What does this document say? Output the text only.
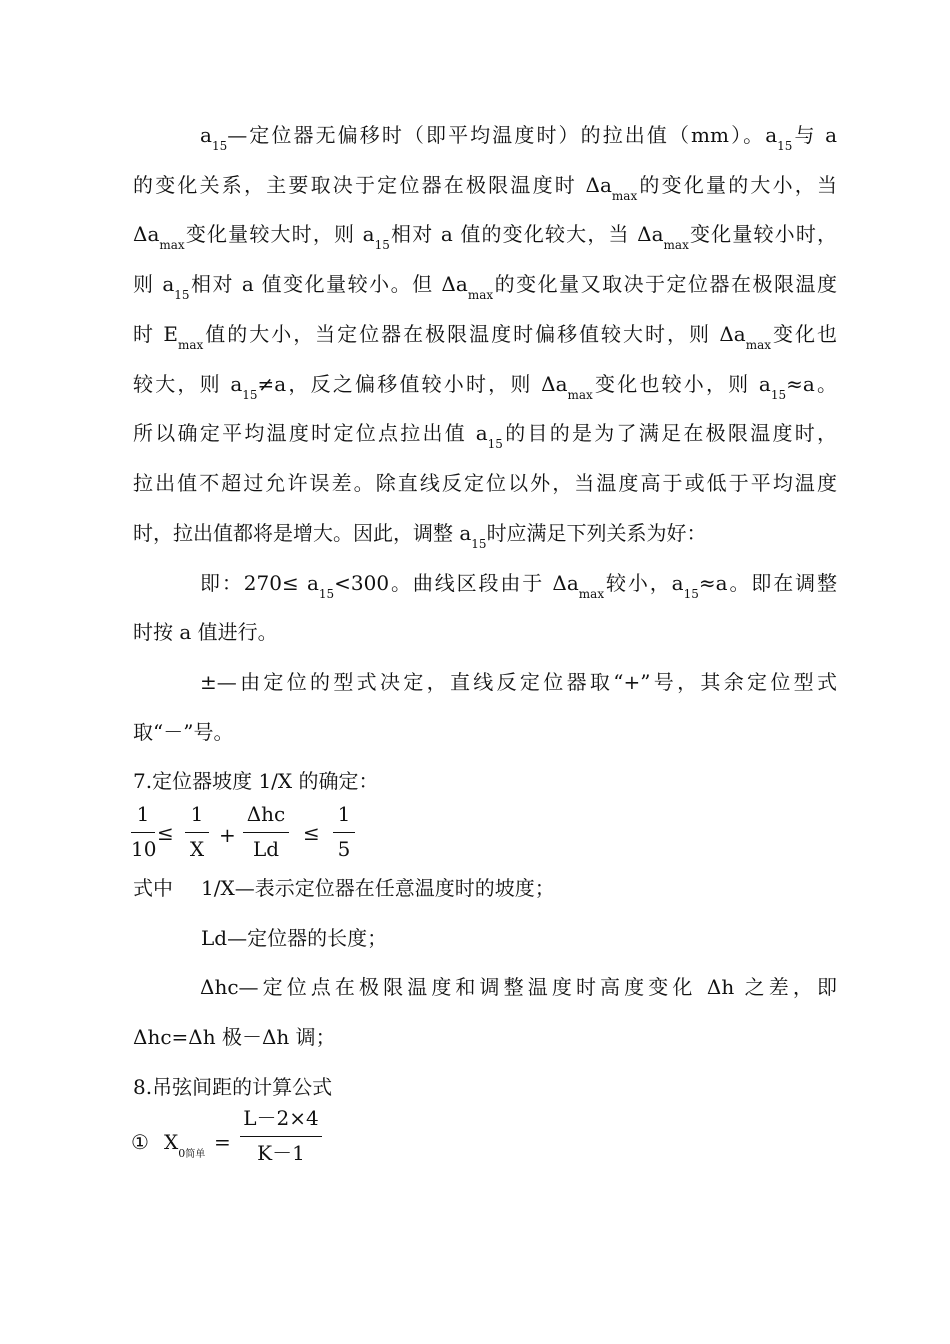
$a_{15}—$定位器无偏移时（即平均温度时）的拉出值（mm）。$a_{15}$与 a
的变化关系，主要取决于定位器在极限温度时 $\Delta a_{max}$的变化量的大小，当
$\Delta a_{max}$变化量较大时，则 $a_{15}$相对 a 值的变化较大，当 $\Delta a_{max}$变化量较小时，
则 $a_{15}$相对 a 值变化量较小。但 $\Delta a_{max}$的变化量又取决于定位器在极限温度
时 $E_{max}$值的大小，当定位器在极限温度时偏移值较大时，则 $\Delta a_{max}$变化也
较大，则 $a_{15}\ne a$，反之偏移值较小时，则 $\Delta a_{max}$变化也较小，则 $a_{15}\approx a$。
所以确定平均温度时定位点拉出值 $a_{15}$的目的是为了满足在极限温度时，
拉出值不超过允许误差。除直线反定位以外，当温度高于或低于平均温度
时，拉出值都将是增大。因此，调整 $a_{15}$时应满足下列关系为好：
即：$270\le a_{15}<300$。曲线区段由于 $\Delta a_{max}$较小，$a_{15}\approx a$。即在调整
时按 a 值进行。
±—由定位的型式决定，直线反定位器取“+”号，其余定位型式
取“－”号。
7.定位器坡度 1/X 的确定：
1
10
≤
1
X
+
Δhc
Ld
≤
1
5
式中	1/X—表示定位器在任意温度时的坡度；
Ld—定位器的长度；
Δhc—定位点在极限温度和调整温度时高度变化 Δh 之差，即
Δhc=Δh 极－Δh 调；
8.吊弦间距的计算公式
① $X_{0简单}$
=
L－2×4
K－1
